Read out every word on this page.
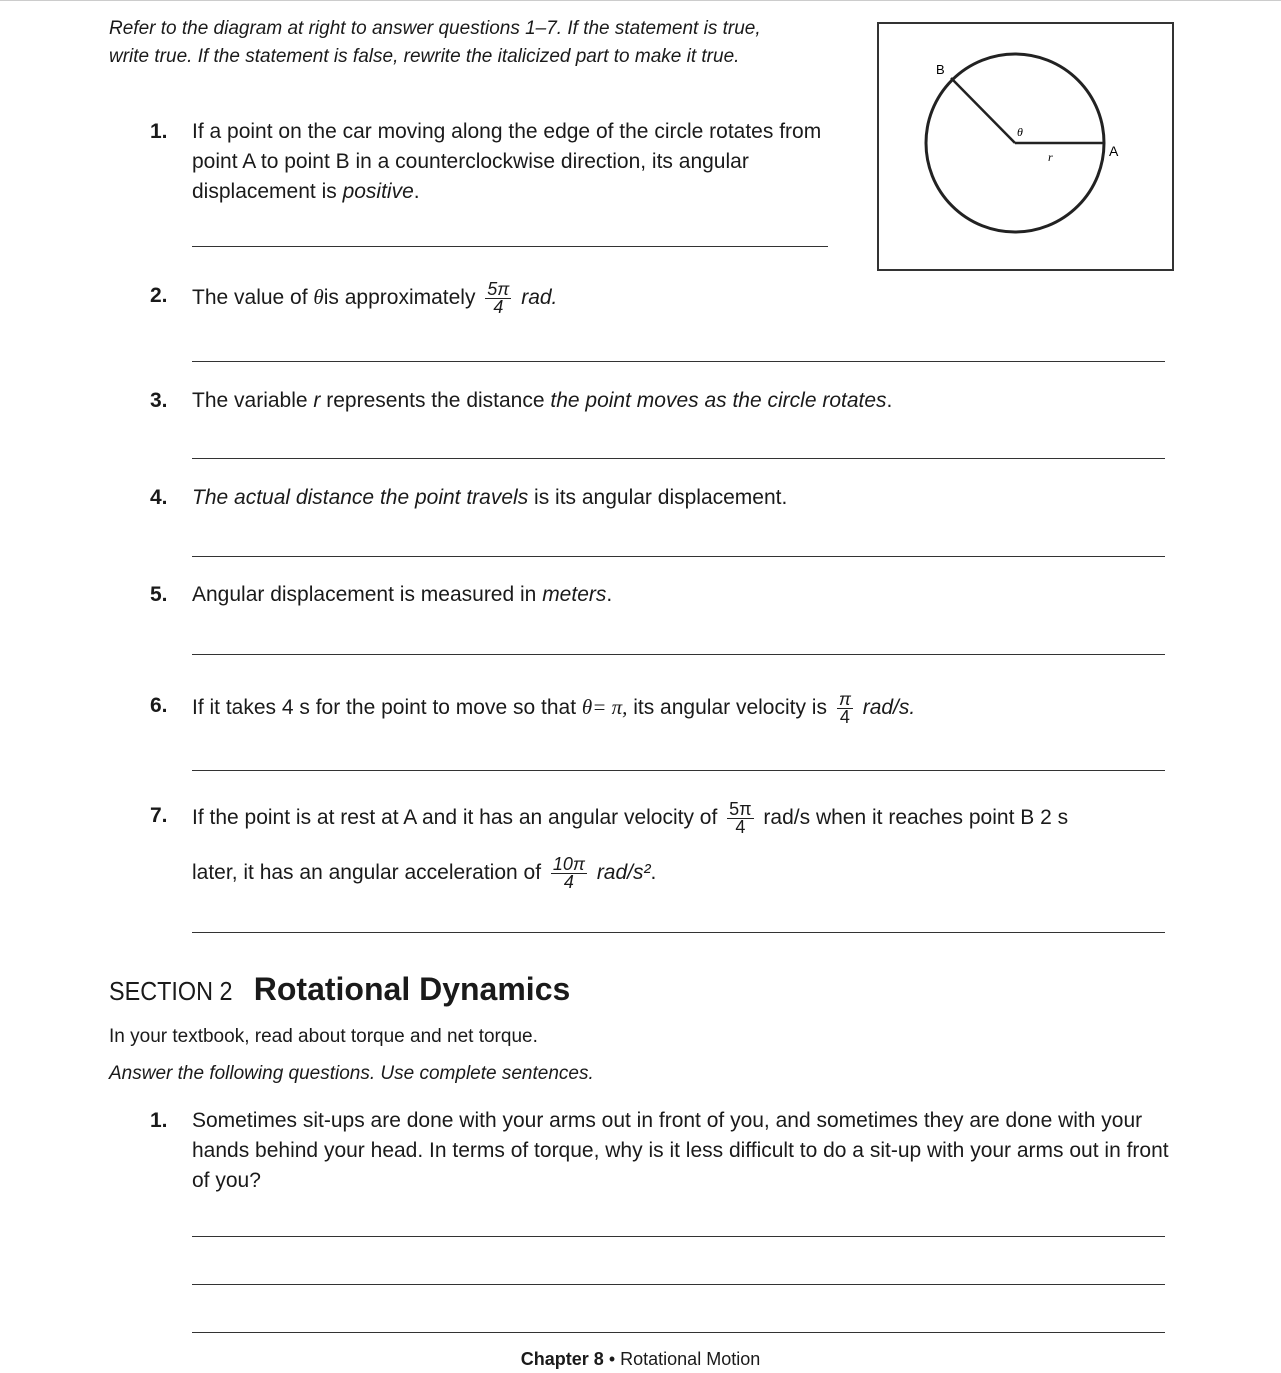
Refer to the diagram at right to answer questions 1–7. If the statement is true, write true. If the statement is false, rewrite the italicized part to make it true.
B
A
θ
r
1. If a point on the car moving along the edge of the circle rotates from point A to point B in a counterclockwise direction, its angular displacement is positive.
2. The value of θis approximately $\frac{5\pi}{4}$ rad.
3. The variable r represents the distance the point moves as the circle rotates.
4. The actual distance the point travels is its angular displacement.
5. Angular displacement is measured in meters.
6. If it takes 4 s for the point to move so that θ= π, its angular velocity is $\frac{\pi}{4} rad/s$.
7. If the point is at rest at A and it has an angular velocity of $\frac{5\pi}{4} rad/s$ when it reaches point B 2 s
later, it has an angular acceleration of $\frac{10\pi}{4} rad/s^2$.
SECTION 2 Rotational Dynamics
In your textbook, read about torque and net torque.
Answer the following questions. Use complete sentences.
1. Sometimes sit-ups are done with your arms out in front of you, and sometimes they are done with your hands behind your head. In terms of torque, why is it less difficult to do a sit-up with your arms out in front of you?
Chapter 8 • Rotational Motion
